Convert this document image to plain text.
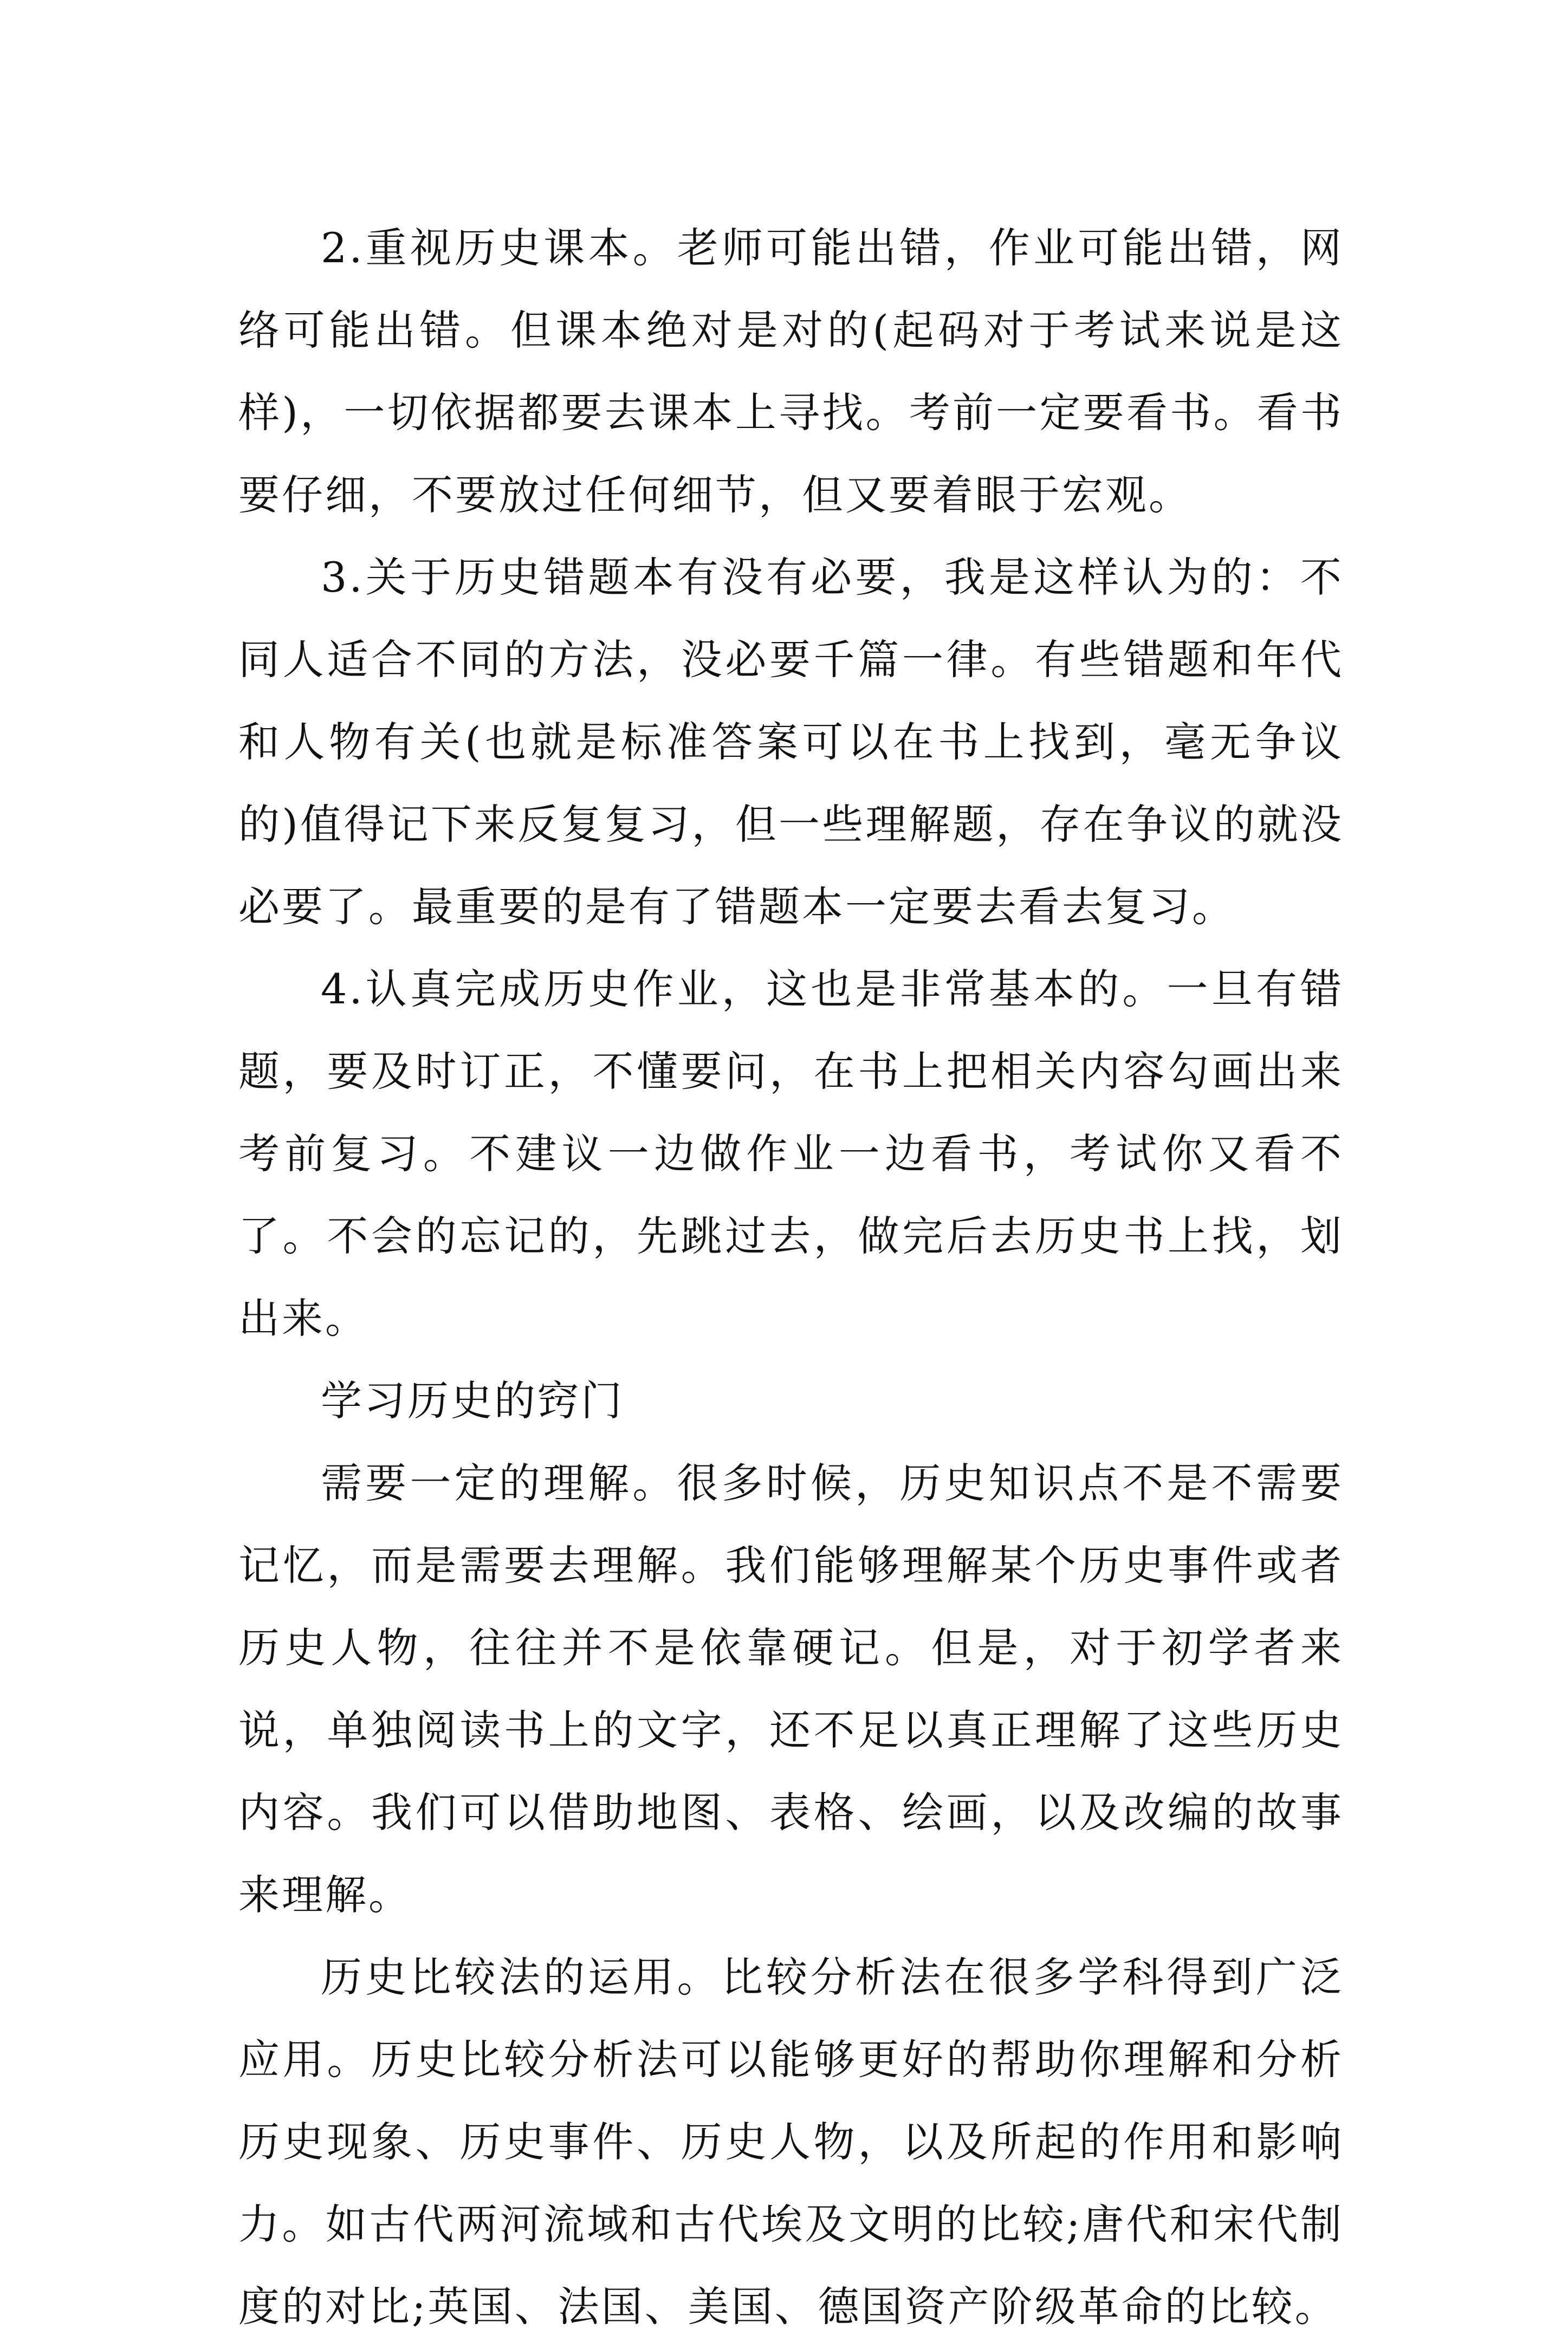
2.重视历史课本。老师可能出错，作业可能出错，网络可能出错。但课本绝对是对的(起码对于考试来说是这样)，一切依据都要去课本上寻找。考前一定要看书。看书要仔细，不要放过任何细节，但又要着眼于宏观。

3.关于历史错题本有没有必要，我是这样认为的：不同人适合不同的方法，没必要千篇一律。有些错题和年代和人物有关(也就是标准答案可以在书上找到，毫无争议的)值得记下来反复复习，但一些理解题，存在争议的就没必要了。最重要的是有了错题本一定要去看去复习。

4.认真完成历史作业，这也是非常基本的。一旦有错题，要及时订正，不懂要问，在书上把相关内容勾画出来考前复习。不建议一边做作业一边看书，考试你又看不了。不会的忘记的，先跳过去，做完后去历史书上找，划出来。

学习历史的窍门

需要一定的理解。很多时候，历史知识点不是不需要记忆，而是需要去理解。我们能够理解某个历史事件或者历史人物，往往并不是依靠硬记。但是，对于初学者来说，单独阅读书上的文字，还不足以真正理解了这些历史内容。我们可以借助地图、表格、绘画，以及改编的故事来理解。

历史比较法的运用。比较分析法在很多学科得到广泛应用。历史比较分析法可以能够更好的帮助你理解和分析历史现象、历史事件、历史人物，以及所起的作用和影响力。如古代两河流域和古代埃及文明的比较;唐代和宋代制度的对比;英国、法国、美国、德国资产阶级革命的比较。
